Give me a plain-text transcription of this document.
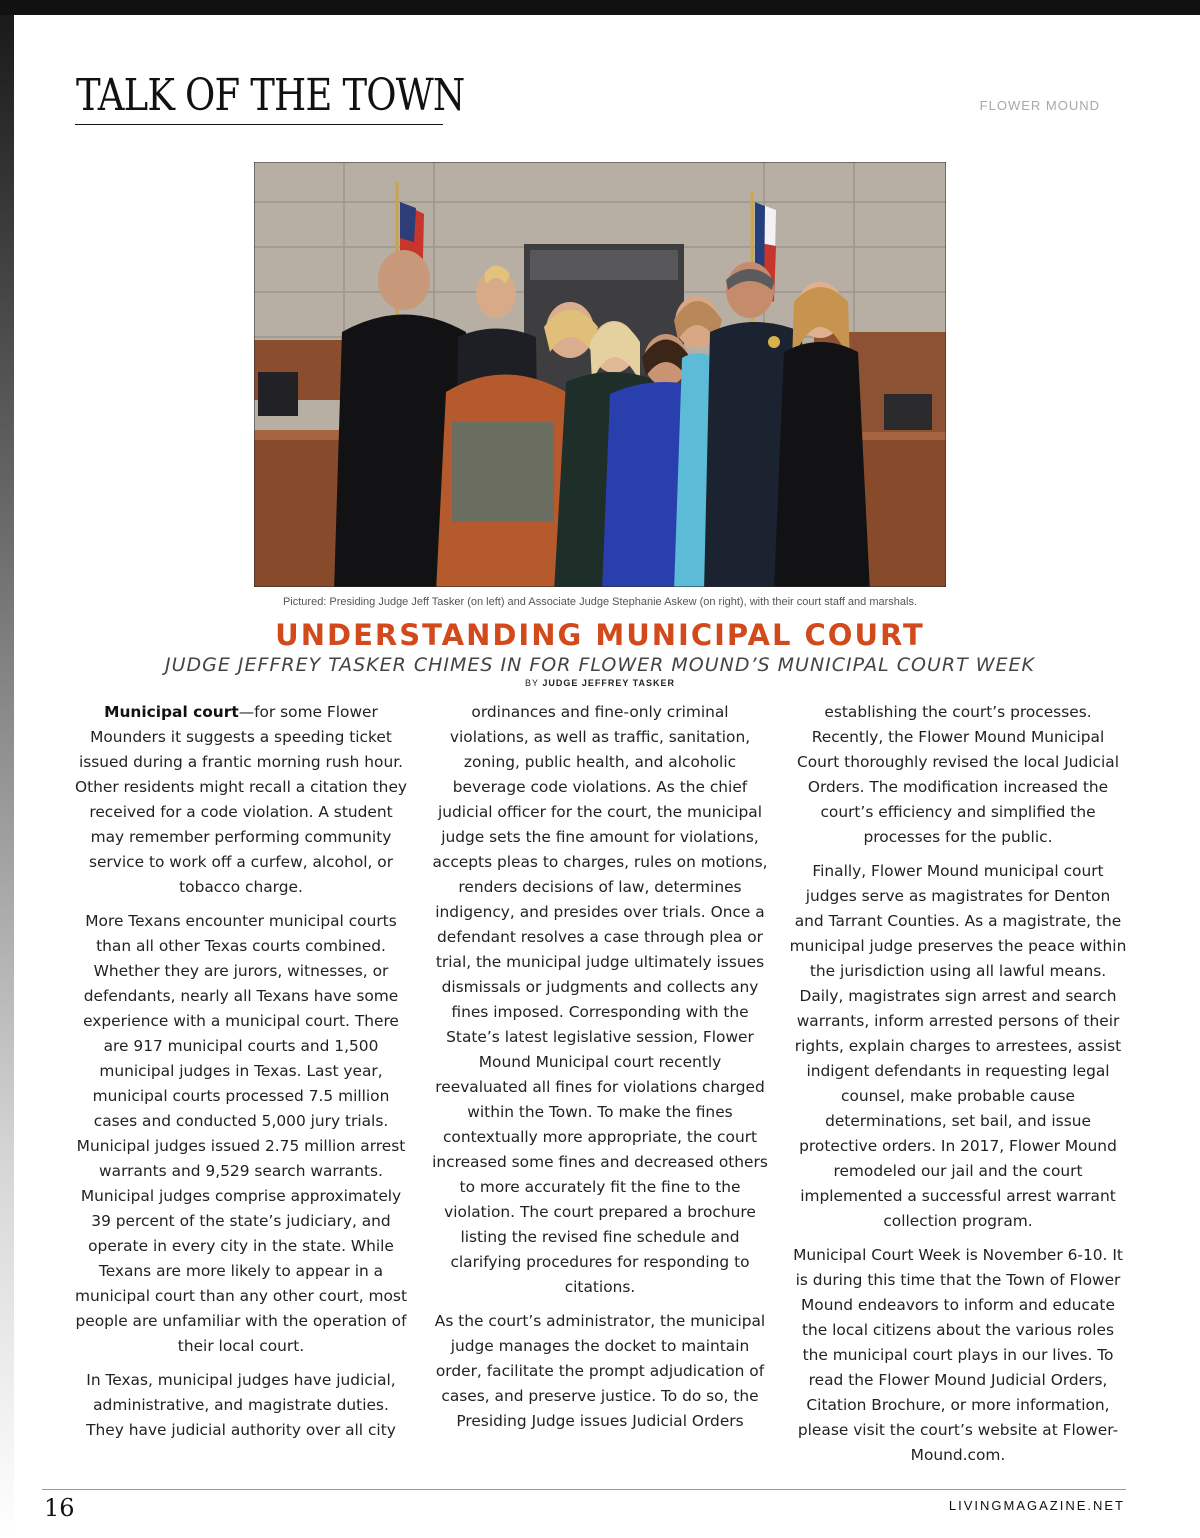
TALK OF THE TOWN	FLOWER MOUND
Pictured: Presiding Judge Jeff Tasker (on left) and Associate Judge Stephanie Askew (on right), with their court staff and marshals.
UNDERSTANDING MUNICIPAL COURT
JUDGE JEFFREY TASKER CHIMES IN FOR FLOWER MOUND’S MUNICIPAL COURT WEEK
BY JUDGE JEFFREY TASKER

Municipal court—for some Flower Mounders it suggests a speeding ticket issued during a frantic morning rush hour. Other residents might recall a citation they received for a code violation. A student may remember performing community service to work off a curfew, alcohol, or tobacco charge.

More Texans encounter municipal courts than all other Texas courts combined. Whether they are jurors, witnesses, or defendants, nearly all Texans have some experience with a municipal court. There are 917 municipal courts and 1,500 municipal judges in Texas. Last year, municipal courts processed 7.5 million cases and conducted 5,000 jury trials. Municipal judges issued 2.75 million arrest warrants and 9,529 search warrants. Municipal judges comprise approximately 39 percent of the state’s judiciary, and operate in every city in the state. While Texans are more likely to appear in a municipal court than any other court, most people are unfamiliar with the operation of their local court.

In Texas, municipal judges have judicial, administrative, and magistrate duties. They have judicial authority over all city

ordinances and fine-only criminal violations, as well as traffic, sanitation, zoning, public health, and alcoholic beverage code violations. As the chief judicial officer for the court, the municipal judge sets the fine amount for violations, accepts pleas to charges, rules on motions, renders decisions of law, determines indigency, and presides over trials. Once a defendant resolves a case through plea or trial, the municipal judge ultimately issues dismissals or judgments and collects any fines imposed. Corresponding with the State’s latest legislative session, Flower Mound Municipal court recently reevaluated all fines for violations charged within the Town. To make the fines contextually more appropriate, the court increased some fines and decreased others to more accurately fit the fine to the violation. The court prepared a brochure listing the revised fine schedule and clarifying procedures for responding to citations.

As the court’s administrator, the municipal judge manages the docket to maintain order, facilitate the prompt adjudication of cases, and preserve justice. To do so, the Presiding Judge issues Judicial Orders

establishing the court’s processes. Recently, the Flower Mound Municipal Court thoroughly revised the local Judicial Orders. The modification increased the court’s efficiency and simplified the processes for the public.

Finally, Flower Mound municipal court judges serve as magistrates for Denton and Tarrant Counties. As a magistrate, the municipal judge preserves the peace within the jurisdiction using all lawful means. Daily, magistrates sign arrest and search warrants, inform arrested persons of their rights, explain charges to arrestees, assist indigent defendants in requesting legal counsel, make probable cause determinations, set bail, and issue protective orders. In 2017, Flower Mound remodeled our jail and the court implemented a successful arrest warrant collection program.

Municipal Court Week is November 6-10. It is during this time that the Town of Flower Mound endeavors to inform and educate the local citizens about the various roles the municipal court plays in our lives. To read the Flower Mound Judicial Orders, Citation Brochure, or more information, please visit the court’s website at Flower-Mound.com.

16	LIVINGMAGAZINE.NET
